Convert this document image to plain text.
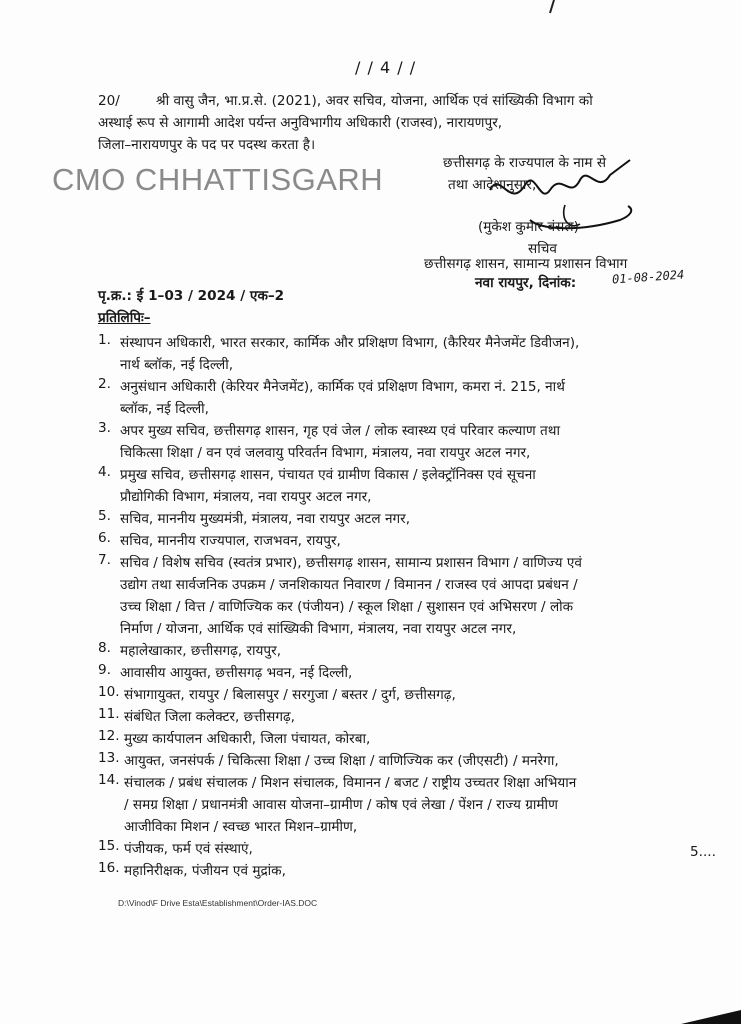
/ / 4 / /
20/	श्री वासु जैन, भा.प्र.से. (2021), अवर सचिव, योजना, आर्थिक एवं सांख्यिकी विभाग को
अस्थाई रूप से आगामी आदेश पर्यन्त अनुविभागीय अधिकारी (राजस्व), नारायणपुर,
जिला–नारायणपुर के पद पर पदस्थ करता है।
CMO CHHATTISGARH	छत्तीसगढ़ के राज्यपाल के नाम से
तथा आदेशानुसार,
(मुकेश कुमार बंसल)
सचिव
छत्तीसगढ़ शासन, सामान्य प्रशासन विभाग
नवा रायपुर, दिनांक:	01-08-2024
पृ.क्र.: ई 1–03 / 2024 / एक–2
प्रतिलिपिः–
1. संस्थापन अधिकारी, भारत सरकार, कार्मिक और प्रशिक्षण विभाग, (कैरियर मैनेजमेंट डिवीजन),
नार्थ ब्लॉक, नई दिल्ली,
2. अनुसंधान अधिकारी (केरियर मैनेजमेंट), कार्मिक एवं प्रशिक्षण विभाग, कमरा नं. 215, नार्थ
ब्लॉक, नई दिल्ली,
3. अपर मुख्य सचिव, छत्तीसगढ़ शासन, गृह एवं जेल / लोक स्वास्थ्य एवं परिवार कल्याण तथा
चिकित्सा शिक्षा / वन एवं जलवायु परिवर्तन विभाग, मंत्रालय, नवा रायपुर अटल नगर,
4. प्रमुख सचिव, छत्तीसगढ़ शासन, पंचायत एवं ग्रामीण विकास / इलेक्ट्रॉनिक्स एवं सूचना
प्रौद्योगिकी विभाग, मंत्रालय, नवा रायपुर अटल नगर,
5. सचिव, माननीय मुख्यमंत्री, मंत्रालय, नवा रायपुर अटल नगर,
6. सचिव, माननीय राज्यपाल, राजभवन, रायपुर,
7. सचिव / विशेष सचिव (स्वतंत्र प्रभार), छत्तीसगढ़ शासन, सामान्य प्रशासन विभाग / वाणिज्य एवं
उद्योग तथा सार्वजनिक उपक्रम / जनशिकायत निवारण / विमानन / राजस्व एवं आपदा प्रबंधन /
उच्च शिक्षा / वित्त / वाणिज्यिक कर (पंजीयन) / स्कूल शिक्षा / सुशासन एवं अभिसरण / लोक
निर्माण / योजना, आर्थिक एवं सांख्यिकी विभाग, मंत्रालय, नवा रायपुर अटल नगर,
8. महालेखाकार, छत्तीसगढ़, रायपुर,
9. आवासीय आयुक्त, छत्तीसगढ़ भवन, नई दिल्ली,
10. संभागायुक्त, रायपुर / बिलासपुर / सरगुजा / बस्तर / दुर्ग, छत्तीसगढ़,
11. संबंधित जिला कलेक्टर, छत्तीसगढ़,
12. मुख्य कार्यपालन अधिकारी, जिला पंचायत, कोरबा,
13. आयुक्त, जनसंपर्क / चिकित्सा शिक्षा / उच्च शिक्षा / वाणिज्यिक कर (जीएसटी) / मनरेगा,
14. संचालक / प्रबंध संचालक / मिशन संचालक, विमानन / बजट / राष्ट्रीय उच्चतर शिक्षा अभियान
/ समग्र शिक्षा / प्रधानमंत्री आवास योजना–ग्रामीण / कोष एवं लेखा / पेंशन / राज्य ग्रामीण
आजीविका मिशन / स्वच्छ भारत मिशन–ग्रामीण,
15. पंजीयक, फर्म एवं संस्थाएं,
16. महानिरीक्षक, पंजीयन एवं मुद्रांक,
5....
D:\Vinod\F Drive Esta\Establishment\Order-IAS.DOC
